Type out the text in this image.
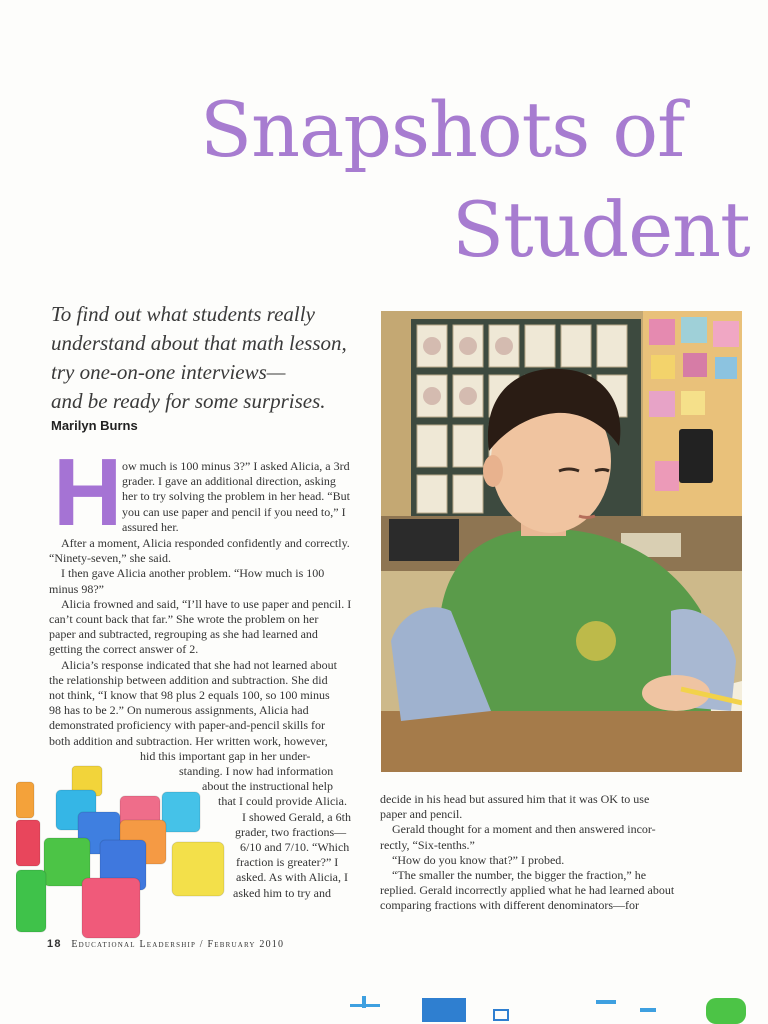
Snapshots of
Student

To find out what students really
understand about that math lesson,
try one-on-one interviews—
and be ready for some surprises.

Marilyn Burns
H ow much is 100 minus 3?” I asked Alicia, a 3rd
grader. I gave an additional direction, asking
her to try solving the problem in her head. “But
you can use paper and pencil if you need to,” I
assured her.
After a moment, Alicia responded confidently and correctly.
“Ninety-seven,” she said.
I then gave Alicia another problem. “How much is 100
minus 98?”
Alicia frowned and said, “I’ll have to use paper and pencil. I
can’t count back that far.” She wrote the problem on her
paper and subtracted, regrouping as she had learned and
getting the correct answer of 2.
Alicia’s response indicated that she had not learned about
the relationship between addition and subtraction. She did
not think, “I know that 98 plus 2 equals 100, so 100 minus
98 has to be 2.” On numerous assignments, Alicia had
demonstrated proficiency with paper-and-pencil skills for
both addition and subtraction. Her written work, however,
hid this important gap in her under-
standing. I now had information
about the instructional help
that I could provide Alicia.
I showed Gerald, a 6th
grader, two fractions—
6/10 and 7/10. “Which
fraction is greater?” I
asked. As with Alicia, I
asked him to try and
decide in his head but assured him that it was OK to use
paper and pencil.
Gerald thought for a moment and then answered incor-
rectly, “Six-tenths.”
“How do you know that?” I probed.
“The smaller the number, the bigger the fraction,” he
replied. Gerald incorrectly applied what he had learned about
comparing fractions with different denominators—for
18 Educational Leadership / February 2010
